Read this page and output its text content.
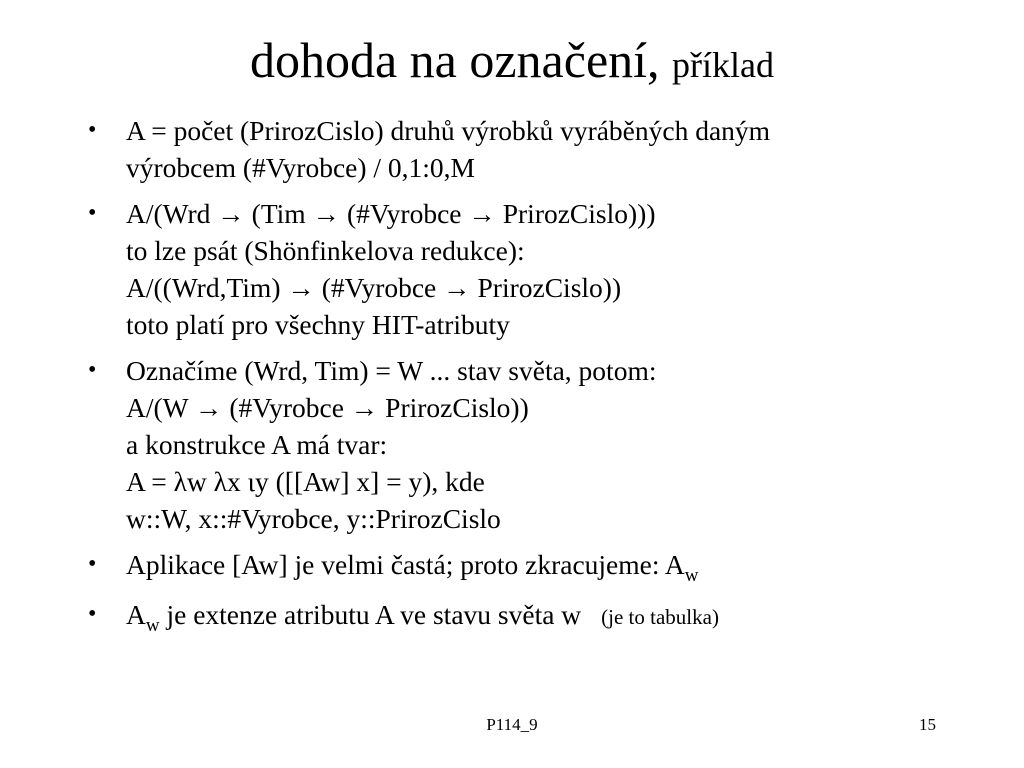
dohoda na označení, příklad
•	A = počet (PrirozCislo) druhů výrobků vyráběných daným
výrobcem (#Vyrobce) / 0,1:0,M
•	A/(Wrd → (Tim → (#Vyrobce → PrirozCislo)))
to lze psát (Shönfinkelova redukce):
A/((Wrd,Tim) → (#Vyrobce → PrirozCislo))
toto platí pro všechny HIT-atributy
•	Označíme (Wrd, Tim) = W ... stav světa, potom:
A/(W → (#Vyrobce → PrirozCislo))
a konstrukce A má tvar:
A = λw λx ιy ([[Aw] x] = y), kde
w::W, x::#Vyrobce, y::PrirozCislo
•	Aplikace [Aw] je velmi častá; proto zkracujeme: $A_w$
•	$A_w$ je extenze atributu A ve stavu světa w (je to tabulka)
P114_9	15
